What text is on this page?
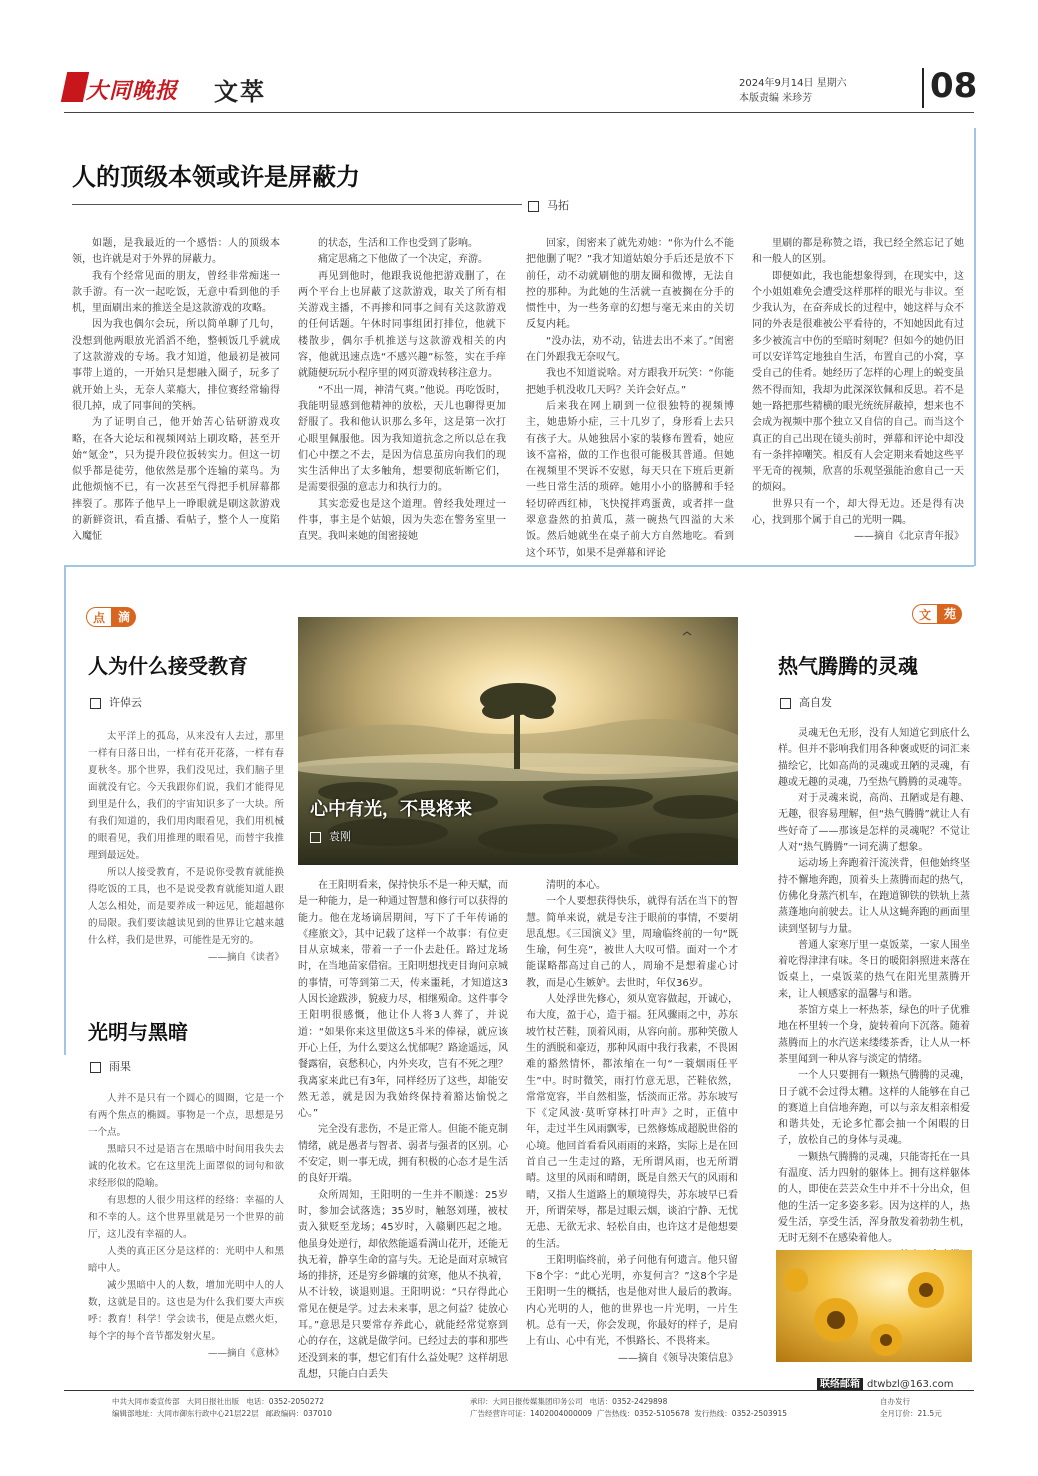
大同晚报 文萃	2024年9月14日 星期六
本版责编 米珍芳	08
人的顶级本领或许是屏蔽力
马拓

如题，是我最近的一个感悟：人的顶级本领，也许就是对于外界的屏蔽力。

我有个经常见面的朋友，曾经非常痴迷一款手游。有一次一起吃饭，无意中看到他的手机，里面刷出来的推送全是这款游戏的攻略。

因为我也偶尔会玩，所以简单聊了几句，没想到他两眼放光滔滔不绝，整顿饭几乎就成了这款游戏的专场。我才知道，他最初是被同事带上道的，一开始只是想融入圈子，玩多了就开始上头，无奈人菜瘾大，排位赛经常输得很几掉，成了同事间的笑柄。

为了证明自己，他开始苦心钻研游戏攻略，在各大论坛和视频网站上刷攻略，甚至开始“氪金”，只为提升段位扳转实力。但这一切似乎都是徒劳，他依然是那个连输的菜鸟。为此他烦恼不已，有一次甚至气得把手机屏幕都摔裂了。那阵子他早上一睁眼就是刷这款游戏的新鲜资讯，看直播、看帖子，整个人一度陷入魔怔

的状态，生活和工作也受到了影响。

痛定思痛之下他做了一个决定，弃游。

再见到他时，他跟我说他把游戏删了，在两个平台上也屏蔽了这款游戏，取关了所有相关游戏主播，不再掺和同事之间有关这款游戏的任何话题。午休时同事组团打排位，他就下楼散步，偶尔手机推送与这款游戏相关的内容，他就迅速点选“不感兴趣”标签，实在手痒就随便玩玩小程序里的网页游戏转移注意力。

“不出一周，神清气爽。”他说。再吃饭时，我能明显感到他精神的放松，天儿也聊得更加舒服了。我和他认识那么多年，这是第一次打心眼里佩服他。因为我知道抗念之所以总在我们心中摆之不去，是因为信息茧房向我们的现实生活伸出了太多触角，想要彻底斩断它们，是需要很强的意志力和执行力的。

其实恋爱也是这个道理。曾经我处理过一件事，事主是个姑娘，因为失恋在警务室里一直哭。我叫来她的闺密接她

回家，闺密来了就先劝她：“你为什么不能把他删了呢？”我才知道姑娘分手后还是放不下前任，动不动就刷他的朋友圈和微博，无法自控的那种。为此她的生活就一直被搁在分手的惯性中，为一些务章的幻想与毫无来由的关切反复内耗。

“没办法，劝不动，钻进去出不来了。”闺密在门外跟我无奈叹气。

我也不知道说啥。对方跟我开玩笑：“你能把她手机没收几天吗？关许会好点。”

后来我在网上刷到一位很独特的视频博主，她患矫小症，三十几岁了，身形看上去只有孩子大。从她独居小家的装修布置看，她应该不富裕，做的工作也很可能极其普通。但她在视频里不哭诉不安慰，每天只在下班后更新一些日常生活的琐碎。她用小小的胳膊和手轻轻切碎西红柿，飞快搅拌鸡蛋黄，或者拌一盘翠意盎然的拍黄瓜，蒸一碗热气四溢的大米饭。然后她就坐在桌子前大方自然地吃。看到这个环节，如果不是弹幕和评论

里刷的都是称赞之语，我已经全然忘记了她和一般人的区别。

即便如此，我也能想象得到，在现实中，这个小姐姐难免会遭受这样那样的眼光与非议。至少我认为，在奋奔成长的过程中，她这样与众不同的外表是很难被公平看待的，不知她因此有过多少被流言中伤的至暗时刻呢？但如今的她仍旧可以安详笃定地独自生活，布置自己的小窝，享受自己的佳肴。她经历了怎样的心理上的蜕变虽然不得而知，我却为此深深钦佩和反思。若不是她一路把那些精横的眼光统统屏蔽掉，想来也不会成为视频中那个独立又自信的自己。而当这个真正的自己出现在镜头前时，弹幕和评论中却没有一条拌掉嘲笑。相反有人会定期来看她这些平平无奇的视频，欣喜的乐观坚强能治愈自己一天的烦闷。

世界只有一个，却大得无边。还是得有决心，找到那个属于自己的光明一隅。

——摘自《北京青年报》

点	滴
人为什么接受教育
许倬云

太平洋上的孤岛，从来没有人去过，那里一样有日落日出，一样有花开花落，一样有春夏秋冬。那个世界，我们没见过，我们脑子里面就没有它。今天我跟你们说，我们才能得见到里是什么，我们的宇宙知识多了一大块。所有我们知道的，我们用肉眼看见，我们用机械的眼看见，我们用推理的眼看见，而替宇我推理到最远处。

所以人接受教育，不是说你受教育就能换得吃饭的工具，也不是说受教育就能知道人跟人怎么相处，而是要养成一种远见，能超越你的局限。我们要读越读见到的世界让它越来越什么样，我们是世界，可能性是无穷的。

——摘自《读者》

光明与黑暗
雨果

人并不是只有一个圆心的圆圈，它是一个有两个焦点的椭圆。事物是一个点，思想是另一个点。

黑暗只不过是语言在黑暗中时间用我失去诚的化妆术。它在这里洗上面罩似的词句和欲求经形似的隐喻。

有思想的人很少用这样的经络：幸福的人和不幸的人。这个世界里就是另一个世界的前厅，这儿没有幸福的人。

人类的真正区分是这样的：光明中人和黑暗中人。

减少黑暗中人的人数，增加光明中人的人数，这就是目的。这也是为什么我们要大声疾呼：教育！科学！学会读书，便是点燃火炬，每个字的每个音节都发射火星。

——摘自《意林》

心中有光，不畏将来
袁刚

在王阳明看来，保持快乐不是一种天赋，而是一种能力，是一种通过智慧和修行可以获得的能力。他在龙场谪居期间，写下了千年传诵的《瘗旅文》，其中记载了这样一个故事：有位吏目从京城来，带着一子一仆去赴任。路过龙场时，在当地苗家借宿。王阳明想找吏目询问京城的事情，可等到第二天，传来噩耗，才知道这3人因长途跋涉，貌疲力尽，相继殒命。这件事令王阳明很感慨，他让仆人将3人葬了，并说道：“如果你来这里做这5斗米的俸禄，就应该开心上任，为什么要这么忧郁呢？路途遥远，风餐露宿，哀愁积心，内外夹攻，岂有不死之理？我离家来此已有3年，同样经历了这些，却能安然无恙，就是因为我始终保持着豁达愉悦之心。”

完全没有悲伤，不是正常人。但能不能克制情绪，就是愚者与智者、弱者与强者的区别。心不安定，则一事无成，拥有积极的心态才是生活的良好开端。

众所周知，王阳明的一生并不顺遂：25岁时，参加会试落选；35岁时，触怒刘瑾，被杖责入狱贬至龙场；45岁时，入赣剿匹起之地。他虽身处逆行，却依然能遥看满山花开，还能无执无着，静享生命的富与失。无论是面对京城官场的排挤，还是穷乡僻壤的贫寒，他从不执着，从不计较，谈退则退。王阳明说：“只存得此心常见在便是学。过去未来事，思之何益？徒放心耳。”意思是只要常存养此心，就能经常觉察到心的存在，这就是做学问。已经过去的事和那些还没到来的事，想它们有什么益处呢？这样胡思乱想，只能白白丢失

清明的本心。

一个人要想获得快乐，就得有活在当下的智慧。简单来说，就是专注于眼前的事情，不要胡思乱想。《三国演义》里，周瑜临终前的一句“既生瑜，何生亮”，被世人大叹可惜。面对一个才能谋略都高过自己的人，周瑜不是想着虚心讨教，而是心生嫉妒。去世时，年仅36岁。

人处浮世先修心，须从宽容做起，开诚心，布大度，盈于心，造于福。狂风骤雨之中，苏东坡竹杖芒鞋，顶着风雨，从容向前。那种笑傲人生的洒脱和豪迈，那种风雨中我行我素，不畏困难的豁然情怀，都浓缩在一句“一蓑烟雨任平生”中。时时微笑，雨打竹意无思，芒鞋依然，常常宽容，半自然相鉴，恬淡而正常。苏东坡写下《定风波·莫听穿林打叶声》之时，正值中年，走过半生风雨飘零，已然修炼成超脱世俗的心境。他回首看看风雨雨的来路，实际上是在回首自己一生走过的路，无所谓风雨，也无所谓晴。这里的风雨和晴朗，既是自然天气的风雨和晴，又指人生道路上的顺境得失，苏东坡早已看开，所谓荣辱，都是过眼云烟，谈泊宁静、无忧无患、无欲无求、轻松自由，也许这才是他想要的生活。

王阳明临终前，弟子问他有何遗言。他只留下8个字：“此心光明，亦复何言？”这8个字是王阳明一生的概括，也是他对世人最后的教诲。内心光明的人，他的世界也一片光明，一片生机。总有一天，你会发现，你最好的样子，是肩上有山、心中有光，不惧路长、不畏将来。

——摘自《领导决策信息》

文	苑
热气腾腾的灵魂
高自发

灵魂无色无形，没有人知道它到底什么样。但并不影响我们用各种褒或贬的词汇来描绘它，比如高尚的灵魂或丑陋的灵魂，有趣或无趣的灵魂，乃至热气腾腾的灵魂等。

对于灵魂来说，高尚、丑陋或是有趣、无趣，很容易理解，但“热气腾腾”就让人有些好奇了——那该是怎样的灵魂呢？不觉让人对“热气腾腾”一词充满了想象。

运动场上奔跑着汗流浃背，但他始终坚持不懈地奔跑，顶着头上蒸腾而起的热气，仿佛化身蒸汽机车，在跑道铆铁的铁轨上蒸蒸蓬地向前驶去。让人从这蝇奔跑的画面里读到坚韧与力量。

普通人家寒厅里一桌饭菜，一家人围坐着吃得津津有味。冬日的暖阳斜照进来落在饭桌上，一桌饭菜的热气在阳光里蒸腾开来，让人顿感家的温馨与和谐。

茶馆方桌上一杯热茶，绿色的叶子优雅地在杯里转一个身，旋转着向下沉落。随着蒸腾而上的水汽送来缕缕茶香，让人从一杯茶里闻到一种从容与淡定的情绪。

一个人只要拥有一颗热气腾腾的灵魂，日子就不会过得太糟。这样的人能够在自己的赛道上自信地奔跑，可以与亲友相亲相爱和谐共处，无论多忙都会抽一个闲暇的日子，放松自己的身体与灵魂。

一颗热气腾腾的灵魂，只能寄托在一具有温度、活力四射的躯体上。拥有这样躯体的人，即使在芸芸众生中并不十分出众，但他的生活一定多姿多彩。因为这样的人，热爱生活，享受生活，浑身散发着勃勃生机，无时无刻不在感染着他人。

联络邮箱 dtwbzl@163.com
中共大同市委宣传部 大同日报社出版 电话：0352-2050272
编辑部地址：大同市御东行政中心21层22层 邮政编码：037010
承印：大同日报传媒集团印务公司 电话：0352-2429898
广告经营许可证：1402004000009 广告热线：0352-5105678 发行热线：0352-2503915
自办发行
全月订价：21.5元
